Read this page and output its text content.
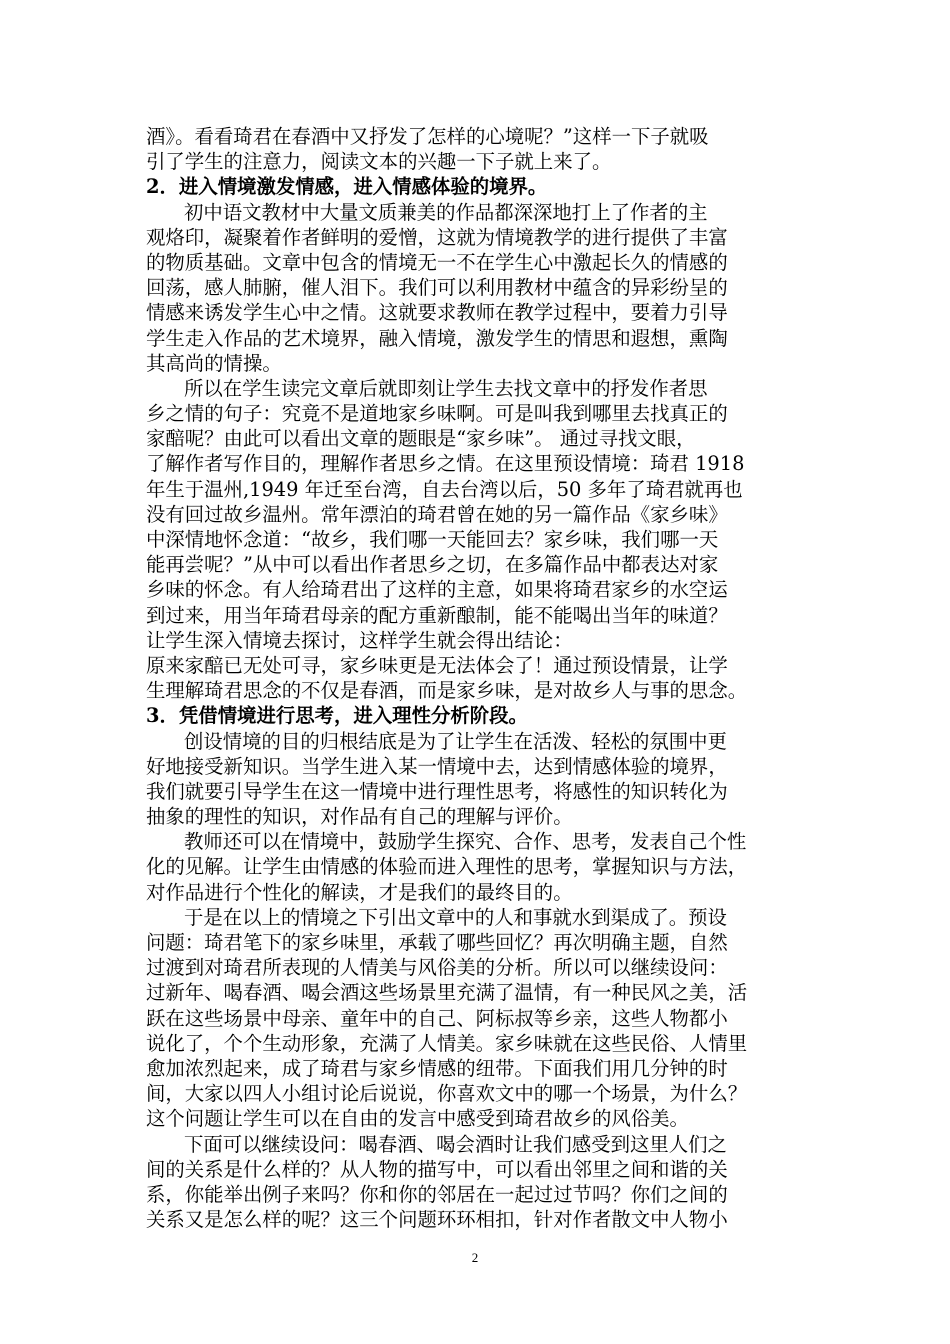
酒》。看看琦君在春酒中又抒发了怎样的心境呢？”这样一下子就吸
引了学生的注意力，阅读文本的兴趣一下子就上来了。
2．进入情境激发情感，进入情感体验的境界。
初中语文教材中大量文质兼美的作品都深深地打上了作者的主
观烙印，凝聚着作者鲜明的爱憎，这就为情境教学的进行提供了丰富
的物质基础。文章中包含的情境无一不在学生心中激起长久的情感的
回荡，感人肺腑，催人泪下。我们可以利用教材中蕴含的异彩纷呈的
情感来诱发学生心中之情。这就要求教师在教学过程中，要着力引导
学生走入作品的艺术境界，融入情境，激发学生的情思和遐想，熏陶
其高尚的情操。
所以在学生读完文章后就即刻让学生去找文章中的抒发作者思
乡之情的句子：究竟不是道地家乡味啊。可是叫我到哪里去找真正的
家醅呢？由此可以看出文章的题眼是“家乡味”。 通过寻找文眼，
了解作者写作目的，理解作者思乡之情。在这里预设情境：琦君 1918
年生于温州,1949 年迁至台湾，自去台湾以后，50 多年了琦君就再也
没有回过故乡温州。常年漂泊的琦君曾在她的另一篇作品《家乡味》
中深情地怀念道：“故乡，我们哪一天能回去？家乡味，我们哪一天
能再尝呢？”从中可以看出作者思乡之切，在多篇作品中都表达对家
乡味的怀念。有人给琦君出了这样的主意，如果将琦君家乡的水空运
到过来，用当年琦君母亲的配方重新酿制，能不能喝出当年的味道？
让学生深入情境去探讨，这样学生就会得出结论：
原来家醅已无处可寻，家乡味更是无法体会了！通过预设情景，让学
生理解琦君思念的不仅是春酒，而是家乡味，是对故乡人与事的思念。
3．凭借情境进行思考，进入理性分析阶段。
创设情境的目的归根结底是为了让学生在活泼、轻松的氛围中更
好地接受新知识。当学生进入某一情境中去，达到情感体验的境界，
我们就要引导学生在这一情境中进行理性思考，将感性的知识转化为
抽象的理性的知识，对作品有自己的理解与评价。
教师还可以在情境中，鼓励学生探究、合作、思考，发表自己个性
化的见解。让学生由情感的体验而进入理性的思考，掌握知识与方法，
对作品进行个性化的解读，才是我们的最终目的。
于是在以上的情境之下引出文章中的人和事就水到渠成了。预设
问题：琦君笔下的家乡味里，承载了哪些回忆？再次明确主题，自然
过渡到对琦君所表现的人情美与风俗美的分析。所以可以继续设问：
过新年、喝春酒、喝会酒这些场景里充满了温情，有一种民风之美，活
跃在这些场景中母亲、童年中的自己、阿标叔等乡亲，这些人物都小
说化了，个个生动形象，充满了人情美。家乡味就在这些民俗、人情里
愈加浓烈起来，成了琦君与家乡情感的纽带。下面我们用几分钟的时
间，大家以四人小组讨论后说说，你喜欢文中的哪一个场景，为什么？
这个问题让学生可以在自由的发言中感受到琦君故乡的风俗美。
下面可以继续设问：喝春酒、喝会酒时让我们感受到这里人们之
间的关系是什么样的？从人物的描写中，可以看出邻里之间和谐的关
系，你能举出例子来吗？你和你的邻居在一起过过节吗？你们之间的
关系又是怎么样的呢？这三个问题环环相扣，针对作者散文中人物小
2
